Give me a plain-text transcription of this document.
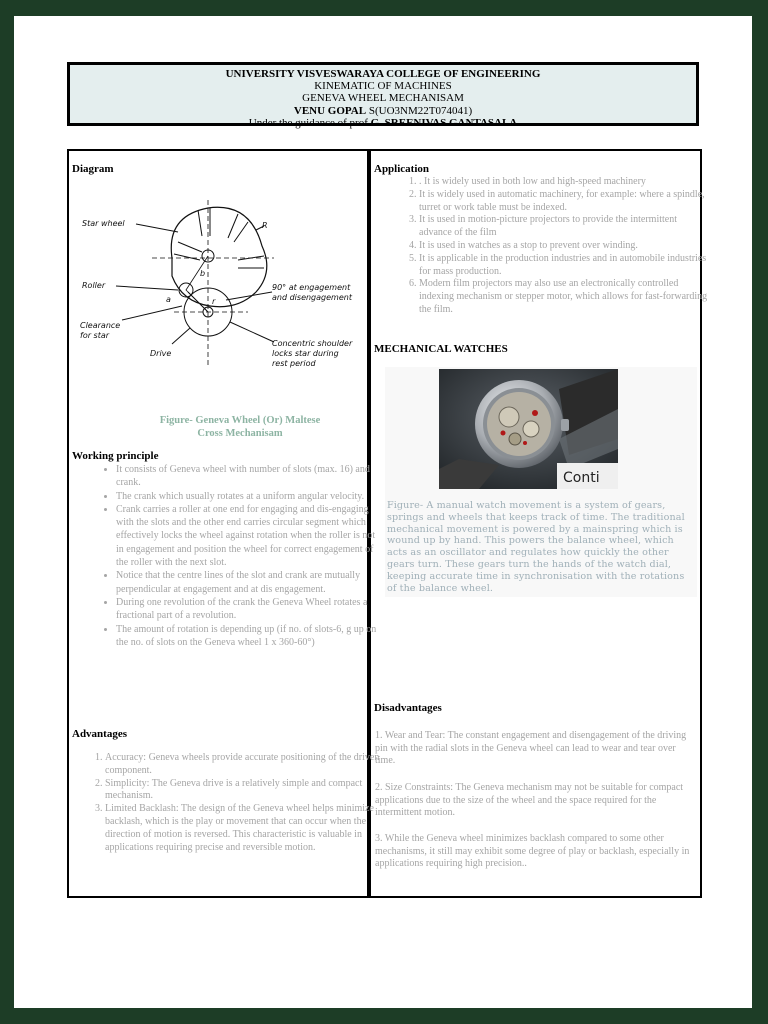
UNIVERSITY VISVESWARAYA COLLEGE OF ENGINEERING
KINEMATIC OF MACHINES
GENEVA WHEEL MECHANISAM
VENU GOPAL S(UO3NM22T074041)
Under the guidance of prof G. SREENIVAS GANTASALA
Diagram
Star wheel
Roller
Clearance
for star
Drive
90° at engagement
and disengagement
Concentric shoulder
locks star during
rest period
R
a	r
b
Figure- Geneva Wheel (Or) Maltese Cross Mechanisam
Working principle
• It consists of Geneva wheel with number of slots (max. 16) and crank.
• The crank which usually rotates at a uniform angular velocity.
• Crank carries a roller at one end for engaging and dis-engaging with the slots and the other end carries circular segment which effectively locks the wheel against rotation when the roller is not in engagement and position the wheel for correct engagement of the roller with the next slot.
• Notice that the centre lines of the slot and crank are mutually perpendicular at engagement and at dis engagement.
• During one revolution of the crank the Geneva Wheel rotates a fractional part of a revolution.
• The amount of rotation is depending up (if no. of slots-6, g up on the no. of slots on the Geneva wheel 1 x 360-60°)
Advantages
1. Accuracy: Geneva wheels provide accurate positioning of the driven component.
2. Simplicity: The Geneva drive is a relatively simple and compact mechanism.
3. Limited Backlash: The design of the Geneva wheel helps minimize backlash, which is the play or movement that can occur when the direction of motion is reversed. This characteristic is valuable in applications requiring precise and reversible motion.
Application
1. . It is widely used in both low and high-speed machinery
2. It is widely used in automatic machinery, for example: where a spindle, turret or work table must be indexed.
3. It is used in motion-picture projectors to provide the intermittent advance of the film
4. It is used in watches as a stop to prevent over winding.
5. It is applicable in the production industries and in automobile industries for mass production.
6. Modern film projectors may also use an electronically controlled indexing mechanism or stepper motor, which allows for fast-forwarding the film.
MECHANICAL WATCHES
Conti
Figure- A manual watch movement is a system of gears, springs and wheels that keeps track of time. The traditional mechanical movement is powered by a mainspring which is wound up by hand. This powers the balance wheel, which acts as an oscillator and regulates how quickly the other gears turn. These gears turn the hands of the watch dial, keeping accurate time in synchronisation with the rotations of the balance wheel.
Disadvantages
1. Wear and Tear: The constant engagement and disengagement of the driving pin with the radial slots in the Geneva wheel can lead to wear and tear over time.
2. Size Constraints: The Geneva mechanism may not be suitable for compact applications due to the size of the wheel and the space required for the intermittent motion.
3. While the Geneva wheel minimizes backlash compared to some other mechanisms, it still may exhibit some degree of play or backlash, especially in applications requiring high precision..
